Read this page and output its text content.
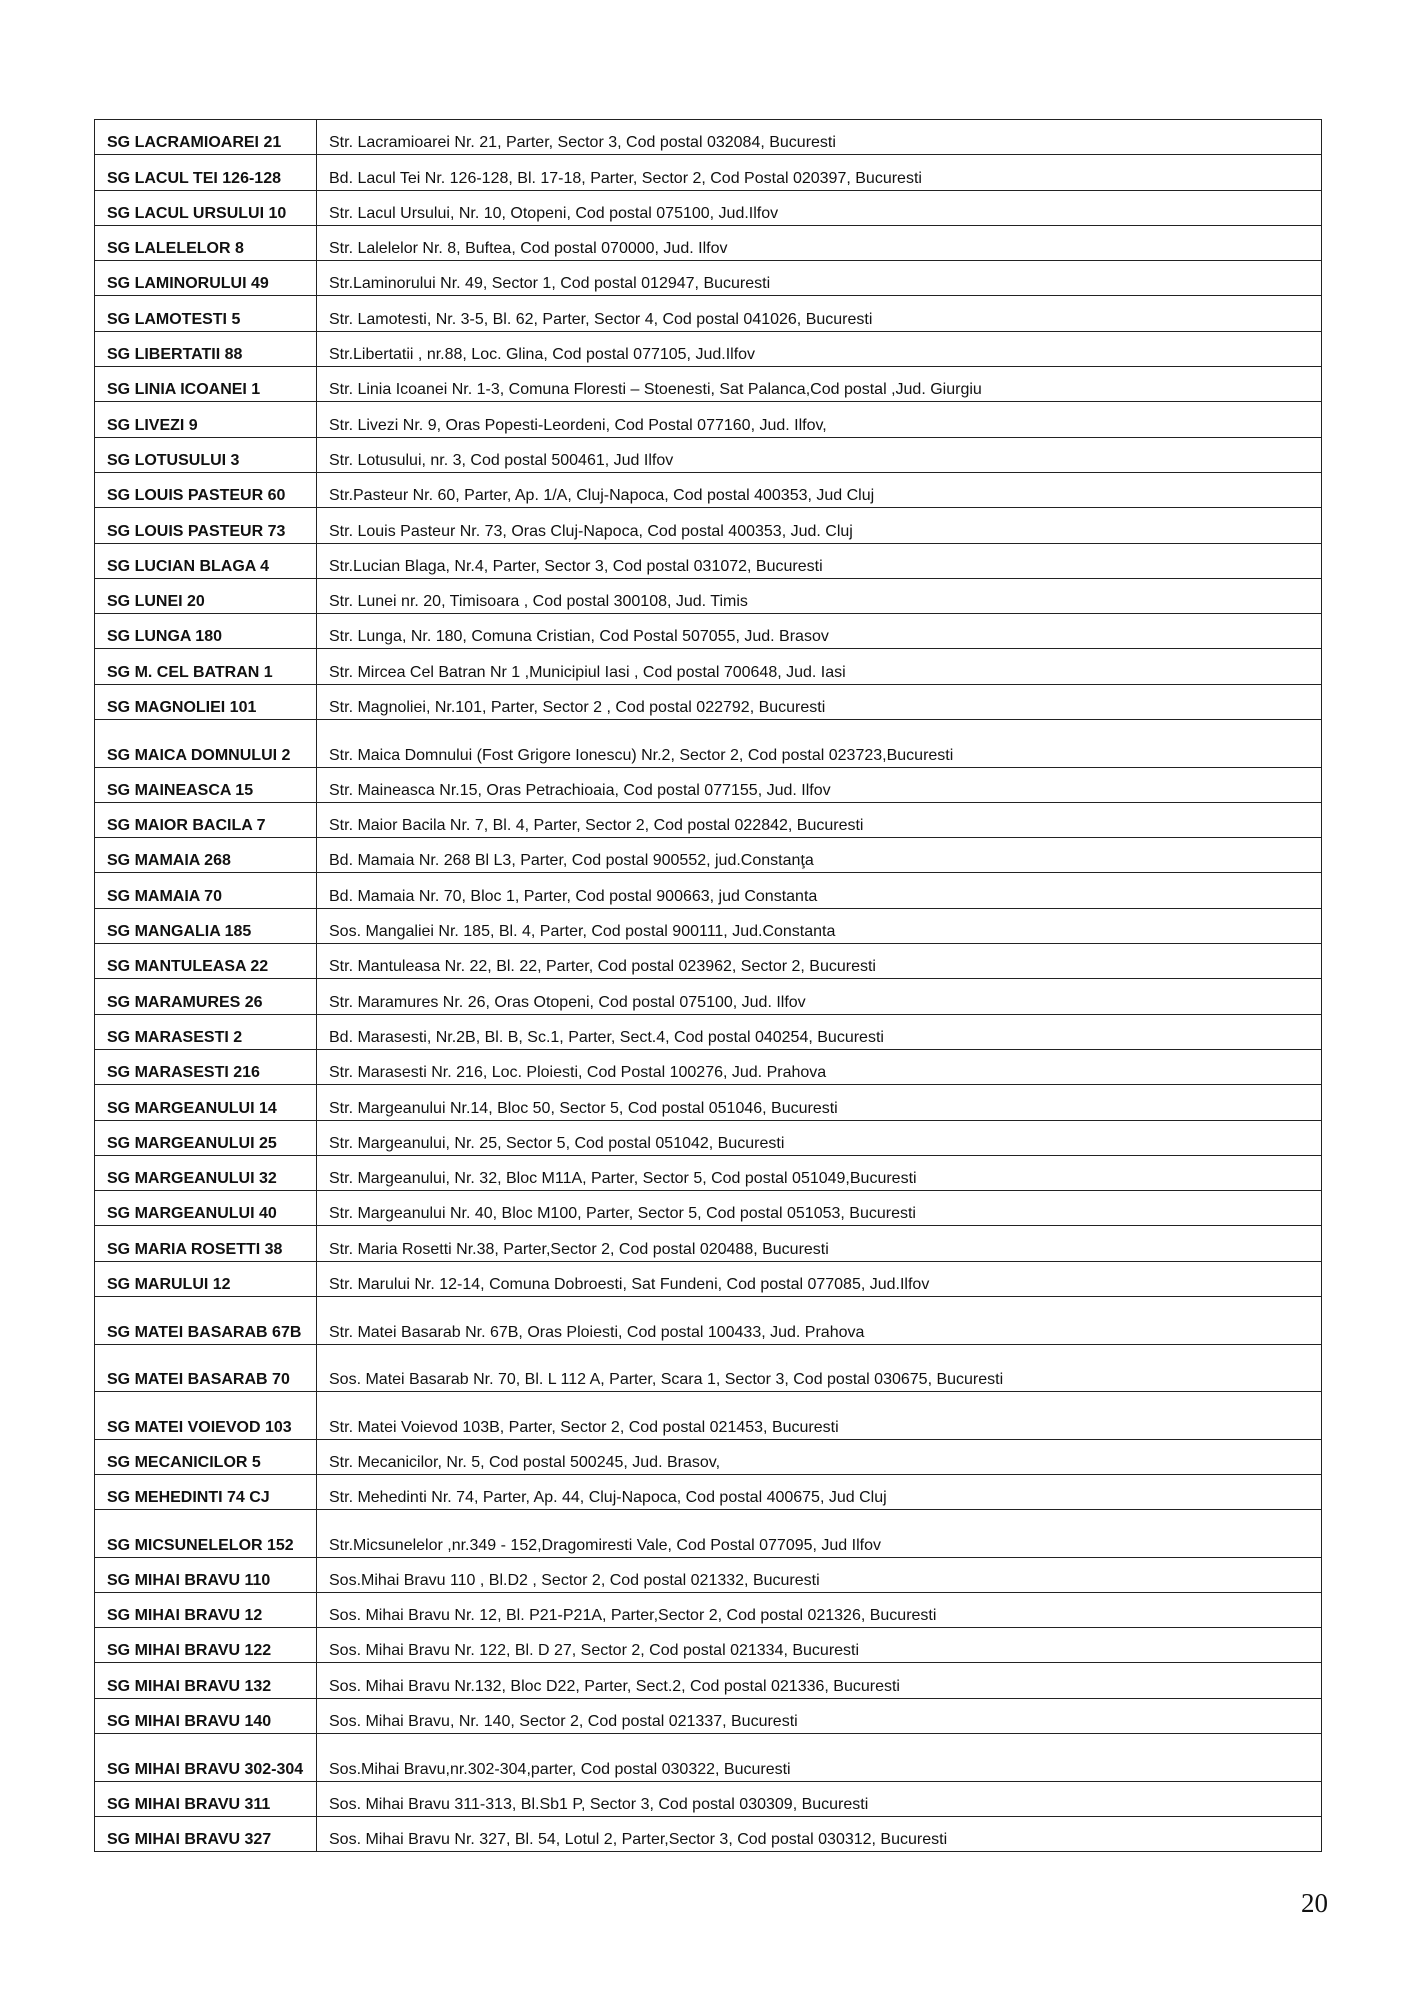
SG LACRAMIOAREI 21	Str. Lacramioarei Nr. 21, Parter, Sector 3, Cod postal 032084, Bucuresti
SG LACUL TEI 126-128	Bd. Lacul Tei Nr. 126-128, Bl. 17-18, Parter, Sector 2, Cod Postal 020397, Bucuresti
SG LACUL URSULUI 10	Str. Lacul Ursului, Nr. 10, Otopeni, Cod postal 075100, Jud.Ilfov
SG LALELELOR 8	Str. Lalelelor Nr. 8, Buftea, Cod postal 070000, Jud. Ilfov
SG LAMINORULUI 49	Str.Laminorului Nr. 49, Sector 1, Cod postal 012947, Bucuresti
SG LAMOTESTI 5	Str. Lamotesti, Nr. 3-5, Bl. 62, Parter, Sector 4, Cod postal 041026, Bucuresti
SG LIBERTATII 88	Str.Libertatii , nr.88, Loc. Glina, Cod postal 077105, Jud.Ilfov
SG LINIA ICOANEI 1	Str. Linia Icoanei Nr. 1-3, Comuna Floresti – Stoenesti, Sat Palanca,Cod postal ,Jud. Giurgiu
SG LIVEZI 9	Str. Livezi Nr. 9, Oras Popesti-Leordeni, Cod Postal 077160, Jud. Ilfov,
SG LOTUSULUI 3	Str. Lotusului, nr. 3, Cod postal 500461, Jud Ilfov
SG LOUIS PASTEUR 60	Str.Pasteur Nr. 60, Parter, Ap. 1/A, Cluj-Napoca, Cod postal 400353, Jud Cluj
SG LOUIS PASTEUR 73	Str. Louis Pasteur Nr. 73, Oras Cluj-Napoca, Cod postal 400353, Jud. Cluj
SG LUCIAN BLAGA 4	Str.Lucian Blaga, Nr.4, Parter, Sector 3, Cod postal 031072, Bucuresti
SG LUNEI 20	Str. Lunei nr. 20, Timisoara , Cod postal 300108, Jud. Timis
SG LUNGA 180	Str. Lunga, Nr. 180, Comuna Cristian, Cod Postal 507055, Jud. Brasov
SG M. CEL BATRAN 1	Str. Mircea Cel Batran Nr 1 ,Municipiul Iasi , Cod postal 700648, Jud. Iasi
SG MAGNOLIEI 101	Str. Magnoliei, Nr.101, Parter, Sector 2 , Cod postal 022792, Bucuresti
SG MAICA DOMNULUI 2	Str. Maica Domnului (Fost Grigore Ionescu) Nr.2, Sector 2, Cod postal 023723,Bucuresti
SG MAINEASCA 15	Str. Maineasca Nr.15, Oras Petrachioaia, Cod postal 077155, Jud. Ilfov
SG MAIOR BACILA 7	Str. Maior Bacila Nr. 7, Bl. 4, Parter, Sector 2, Cod postal 022842, Bucuresti
SG MAMAIA 268	Bd. Mamaia Nr. 268 Bl L3, Parter, Cod postal 900552, jud.Constanţa
SG MAMAIA 70	Bd. Mamaia Nr. 70, Bloc 1, Parter, Cod postal 900663, jud Constanta
SG MANGALIA 185	Sos. Mangaliei Nr. 185, Bl. 4, Parter, Cod postal 900111, Jud.Constanta
SG MANTULEASA 22	Str. Mantuleasa Nr. 22, Bl. 22, Parter, Cod postal 023962, Sector 2, Bucuresti
SG MARAMURES 26	Str. Maramures Nr. 26, Oras Otopeni, Cod postal 075100, Jud. Ilfov
SG MARASESTI 2	Bd. Marasesti, Nr.2B, Bl. B, Sc.1, Parter, Sect.4, Cod postal 040254, Bucuresti
SG MARASESTI 216	Str. Marasesti Nr. 216, Loc. Ploiesti, Cod Postal 100276, Jud. Prahova
SG MARGEANULUI 14	Str. Margeanului Nr.14, Bloc 50, Sector 5, Cod postal 051046, Bucuresti
SG MARGEANULUI 25	Str. Margeanului, Nr. 25, Sector 5, Cod postal 051042, Bucuresti
SG MARGEANULUI 32	Str. Margeanului, Nr. 32, Bloc M11A, Parter, Sector 5, Cod postal 051049,Bucuresti
SG MARGEANULUI 40	Str. Margeanului Nr. 40, Bloc M100, Parter, Sector 5, Cod postal 051053, Bucuresti
SG MARIA ROSETTI 38	Str. Maria Rosetti Nr.38, Parter,Sector 2, Cod postal 020488, Bucuresti
SG MARULUI 12	Str. Marului Nr. 12-14, Comuna Dobroesti, Sat Fundeni, Cod postal 077085, Jud.Ilfov
SG MATEI BASARAB 67B	Str. Matei Basarab Nr. 67B, Oras Ploiesti, Cod postal 100433, Jud. Prahova
SG MATEI BASARAB 70	Sos. Matei Basarab Nr. 70, Bl. L 112 A, Parter, Scara 1, Sector 3, Cod postal 030675, Bucuresti
SG MATEI VOIEVOD 103	Str. Matei Voievod 103B, Parter, Sector 2, Cod postal 021453, Bucuresti
SG MECANICILOR 5	Str. Mecanicilor, Nr. 5, Cod postal 500245, Jud. Brasov,
SG MEHEDINTI 74 CJ	Str. Mehedinti Nr. 74, Parter, Ap. 44, Cluj-Napoca, Cod postal 400675, Jud Cluj
SG MICSUNELELOR 152	Str.Micsunelelor ,nr.349 - 152,Dragomiresti Vale, Cod Postal 077095, Jud Ilfov
SG MIHAI BRAVU 110	Sos.Mihai Bravu 110 , Bl.D2 , Sector 2, Cod postal 021332, Bucuresti
SG MIHAI BRAVU 12	Sos. Mihai Bravu Nr. 12, Bl. P21-P21A, Parter,Sector 2, Cod postal 021326, Bucuresti
SG MIHAI BRAVU 122	Sos. Mihai Bravu Nr. 122, Bl. D 27, Sector 2, Cod postal 021334, Bucuresti
SG MIHAI BRAVU 132	Sos. Mihai Bravu Nr.132, Bloc D22, Parter, Sect.2, Cod postal 021336, Bucuresti
SG MIHAI BRAVU 140	Sos. Mihai Bravu, Nr. 140, Sector 2, Cod postal 021337, Bucuresti
SG MIHAI BRAVU 302-304	Sos.Mihai Bravu,nr.302-304,parter, Cod postal 030322, Bucuresti
SG MIHAI BRAVU 311	Sos. Mihai Bravu 311-313, Bl.Sb1 P, Sector 3, Cod postal 030309, Bucuresti
SG MIHAI BRAVU 327	Sos. Mihai Bravu Nr. 327, Bl. 54, Lotul 2, Parter,Sector 3, Cod postal 030312, Bucuresti
20
